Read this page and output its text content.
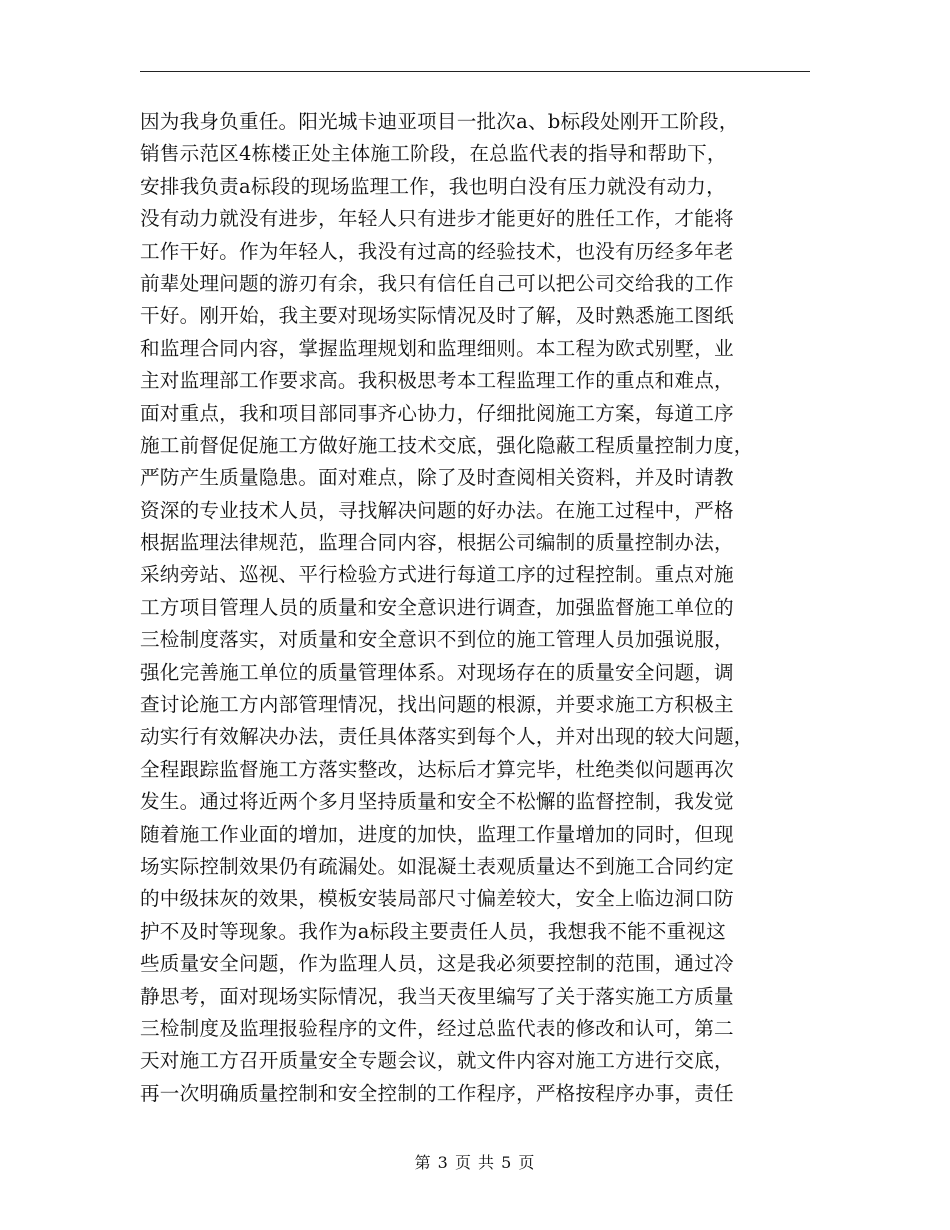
因为我身负重任。阳光城卡迪亚项目一批次a、b标段处刚开工阶段，
销售示范区4栋楼正处主体施工阶段，在总监代表的指导和帮助下，
安排我负责a标段的现场监理工作，我也明白没有压力就没有动力，
没有动力就没有进步，年轻人只有进步才能更好的胜任工作，才能将
工作干好。作为年轻人，我没有过高的经验技术，也没有历经多年老
前辈处理问题的游刃有余，我只有信任自己可以把公司交给我的工作
干好。刚开始，我主要对现场实际情况及时了解，及时熟悉施工图纸
和监理合同内容，掌握监理规划和监理细则。本工程为欧式别墅，业
主对监理部工作要求高。我积极思考本工程监理工作的重点和难点，
面对重点，我和项目部同事齐心协力，仔细批阅施工方案，每道工序
施工前督促促施工方做好施工技术交底，强化隐蔽工程质量控制力度，
严防产生质量隐患。面对难点，除了及时查阅相关资料，并及时请教
资深的专业技术人员，寻找解决问题的好办法。在施工过程中，严格
根据监理法律规范，监理合同内容，根据公司编制的质量控制办法，
采纳旁站、巡视、平行检验方式进行每道工序的过程控制。重点对施
工方项目管理人员的质量和安全意识进行调查，加强监督施工单位的
三检制度落实，对质量和安全意识不到位的施工管理人员加强说服，
强化完善施工单位的质量管理体系。对现场存在的质量安全问题，调
查讨论施工方内部管理情况，找出问题的根源，并要求施工方积极主
动实行有效解决办法，责任具体落实到每个人，并对出现的较大问题，
全程跟踪监督施工方落实整改，达标后才算完毕，杜绝类似问题再次
发生。通过将近两个多月坚持质量和安全不松懈的监督控制，我发觉
随着施工作业面的增加，进度的加快，监理工作量增加的同时，但现
场实际控制效果仍有疏漏处。如混凝土表观质量达不到施工合同约定
的中级抹灰的效果，模板安装局部尺寸偏差较大，安全上临边洞口防
护不及时等现象。我作为a标段主要责任人员，我想我不能不重视这
些质量安全问题，作为监理人员，这是我必须要控制的范围，通过冷
静思考，面对现场实际情况，我当天夜里编写了关于落实施工方质量
三检制度及监理报验程序的文件，经过总监代表的修改和认可，第二
天对施工方召开质量安全专题会议，就文件内容对施工方进行交底，
再一次明确质量控制和安全控制的工作程序，严格按程序办事，责任
第 3 页 共 5 页
